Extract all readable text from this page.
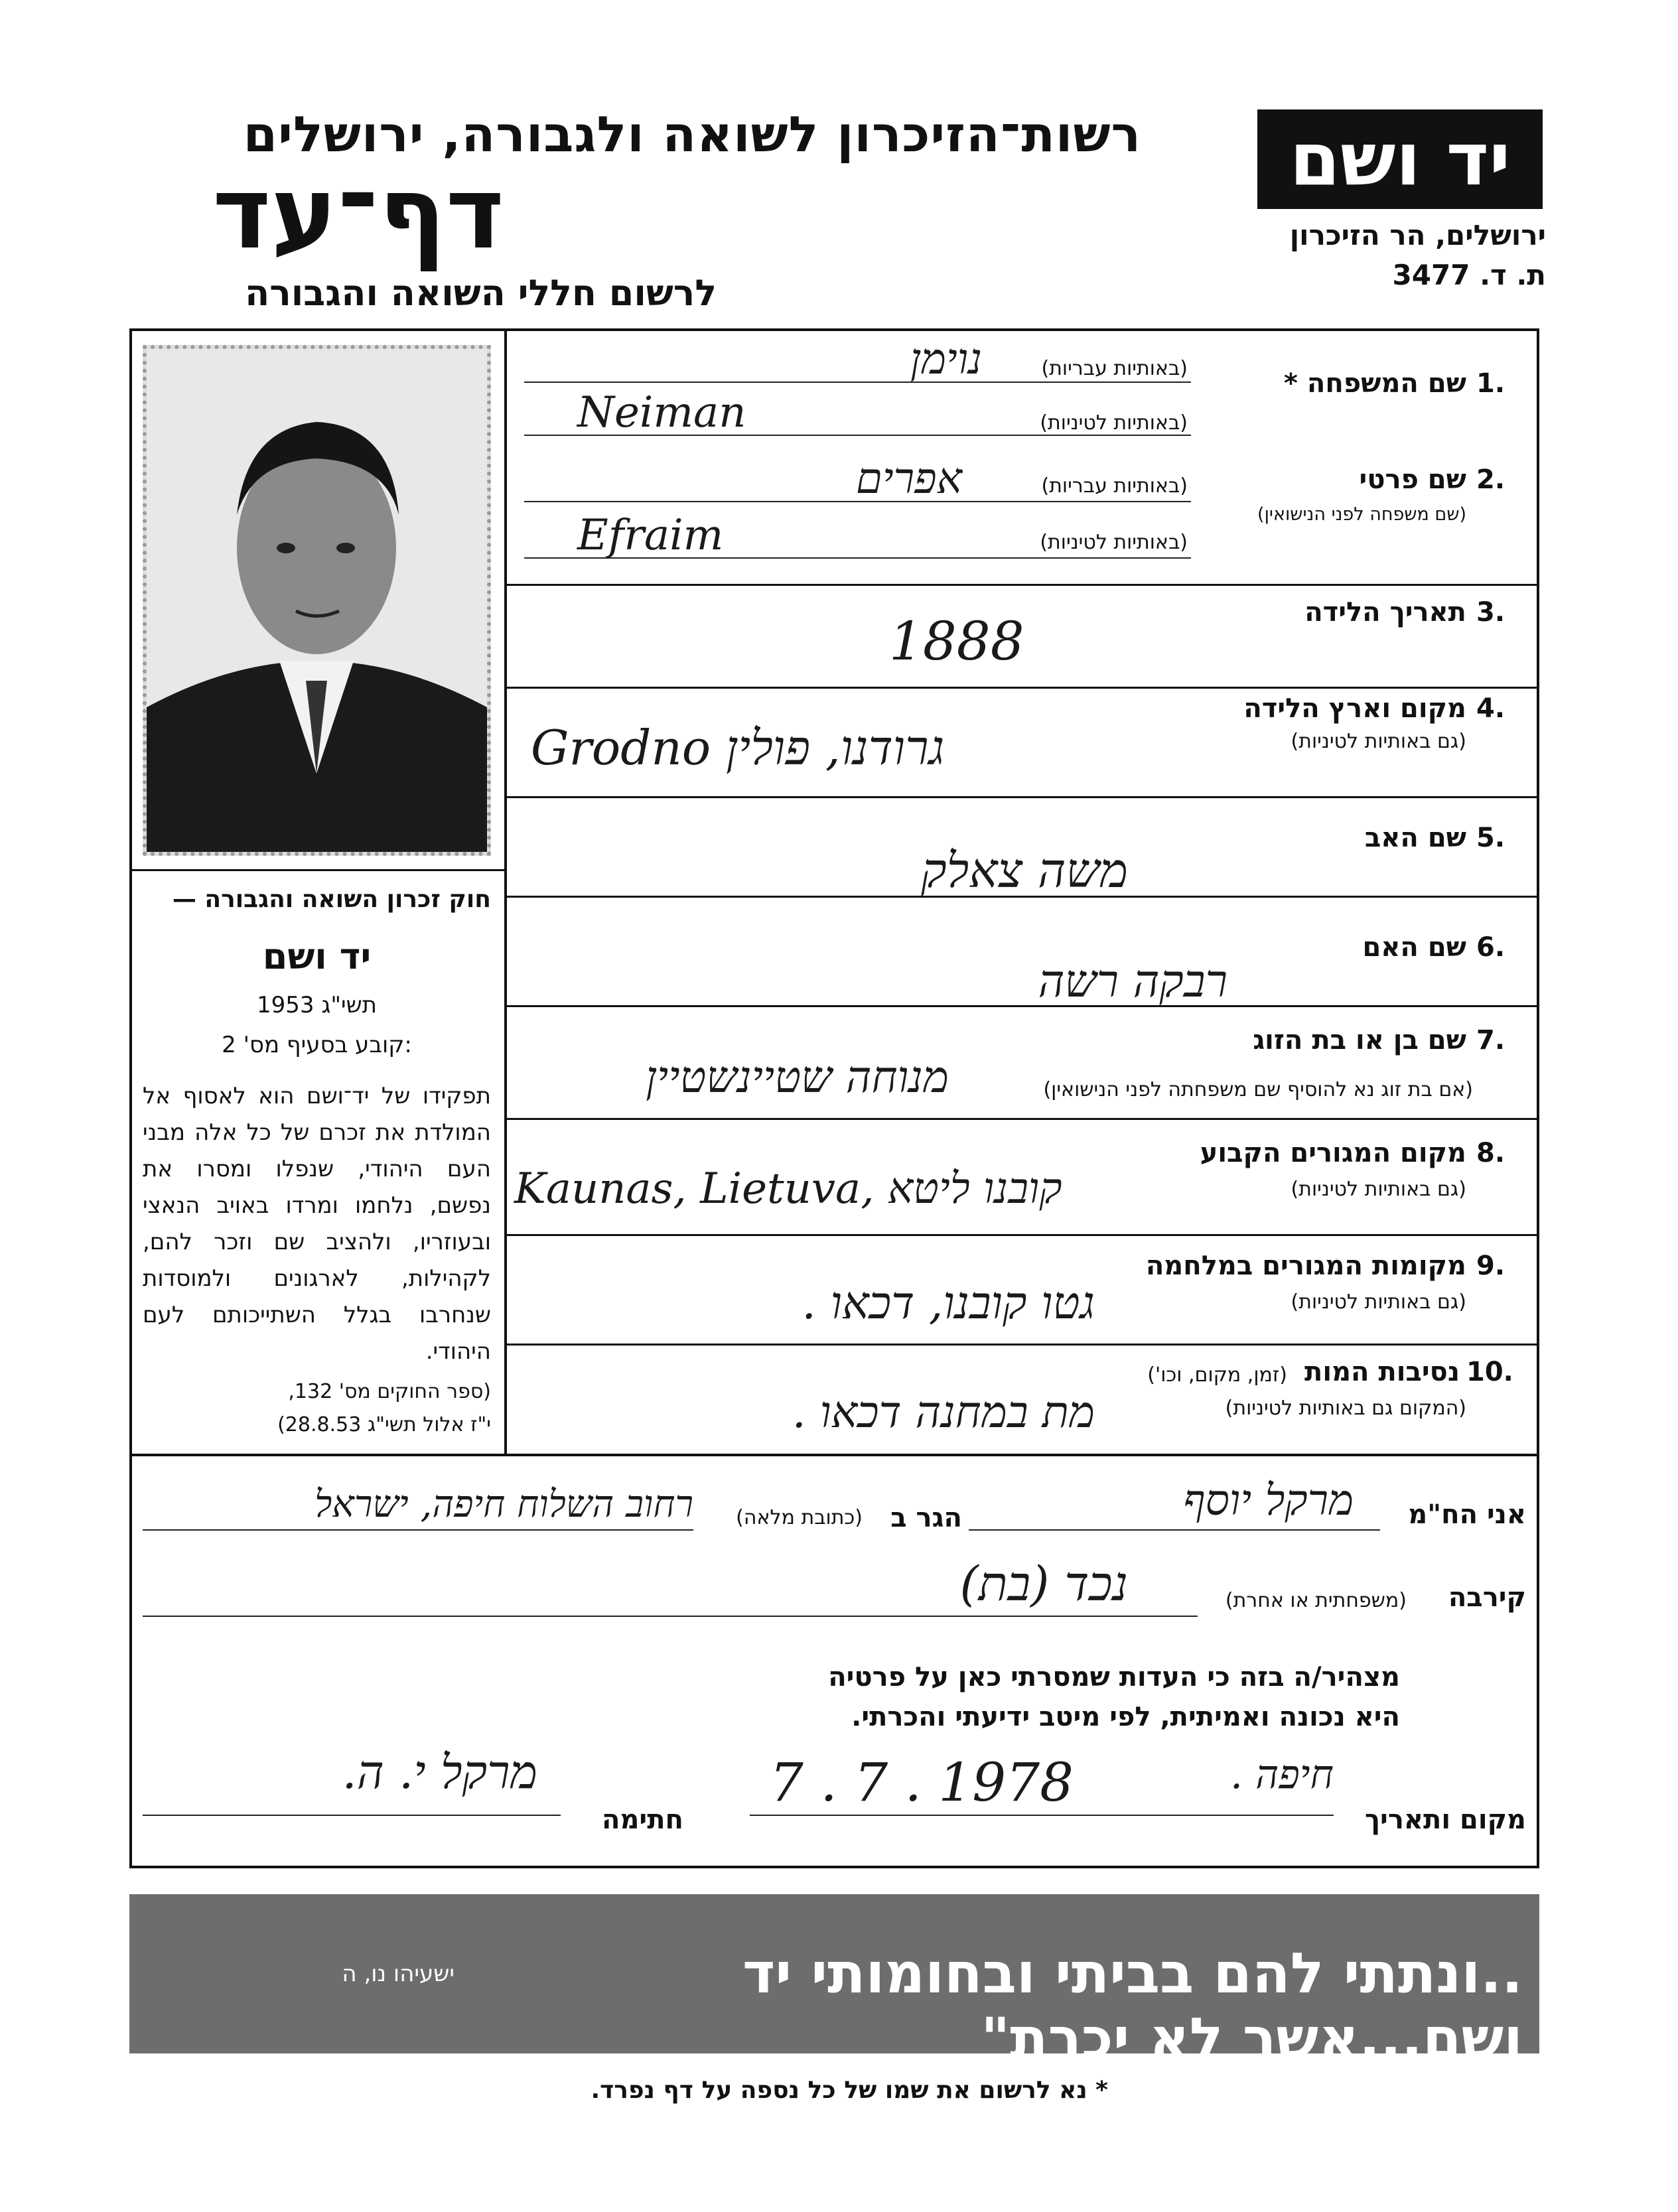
רשות־הזיכרון לשואה ולגבורה, ירושלים
דף־עד
לרשום חללי השואה והגבורה
יד ושם
ירושלים, הר הזיכרון
ת. ד. 3477
חוק זכרון השואה והגבורה —
יד ושם
תשי"ג 1953
קובע בסעיף מס' 2:
תפקידו של יד־ושם הוא לאסוף אל המולדת את זכרם של כל אלה מבני העם היהודי, שנפלו ומסרו את נפשם, נלחמו ומרדו באויב הנאצי ובעוזריו, ולהציב שם וזכר להם, לקהילות, לארגונים ולמוסדות שנחרבו בגלל השתייכותם לעם היהודי.
(ספר החוקים מס' 132,
י"ז אלול תשי"ג 28.8.53)
1.
שם המשפחה *
(באותיות עבריות)
(באותיות לטיניות)
נוימן
Neiman
2.
שם פרטי
(שם משפחה לפני הנישואין)
(באותיות עבריות)
(באותיות לטיניות)
אפרים
Efraim
3.
תאריך הלידה
1888
4.
מקום וארץ הלידה
(גם באותיות לטיניות)
Grodno גרודנו, פולין
5.
שם האב
משה צאלק
6.
שם האם
רבקה רשה
7.
שם בן או בת הזוג
(אם בת זוג נא להוסיף שם משפחתה לפני הנישואין)
מנוחה שטיינשטיין
8.
מקום המגורים הקבוע
(גם באותיות לטיניות)
Kaunas, Lietuva, קובנו ליטא
9.
מקומות המגורים במלחמה
(גם באותיות לטיניות)
גטו קובנו, דכאו .
10.
נסיבות המות
(זמן, מקום, וכו')
(המקום גם באותיות לטיניות)
מת במחנה דכאו .
אני הח"מ
מרקל יוסף
הגר ב
(כתובת מלאה)
רחוב השלוח חיפה, ישראל
קירבה
(משפחתית או אחרת)
נכד (בת)
מצהיר/ה בזה כי העדות שמסרתי כאן על פרטיה
היא נכונה ואמיתית, לפי מיטב ידיעתי והכרתי.
מקום ותאריך
חיפה .
7 . 7 . 1978
חתימה
מרקל י. ה.
..ונתתי להם בביתי ובחומותי יד ושם...אשר לא יכרת"
ישעיהו נו, ה
* נא לרשום את שמו של כל נספה על דף נפרד.
